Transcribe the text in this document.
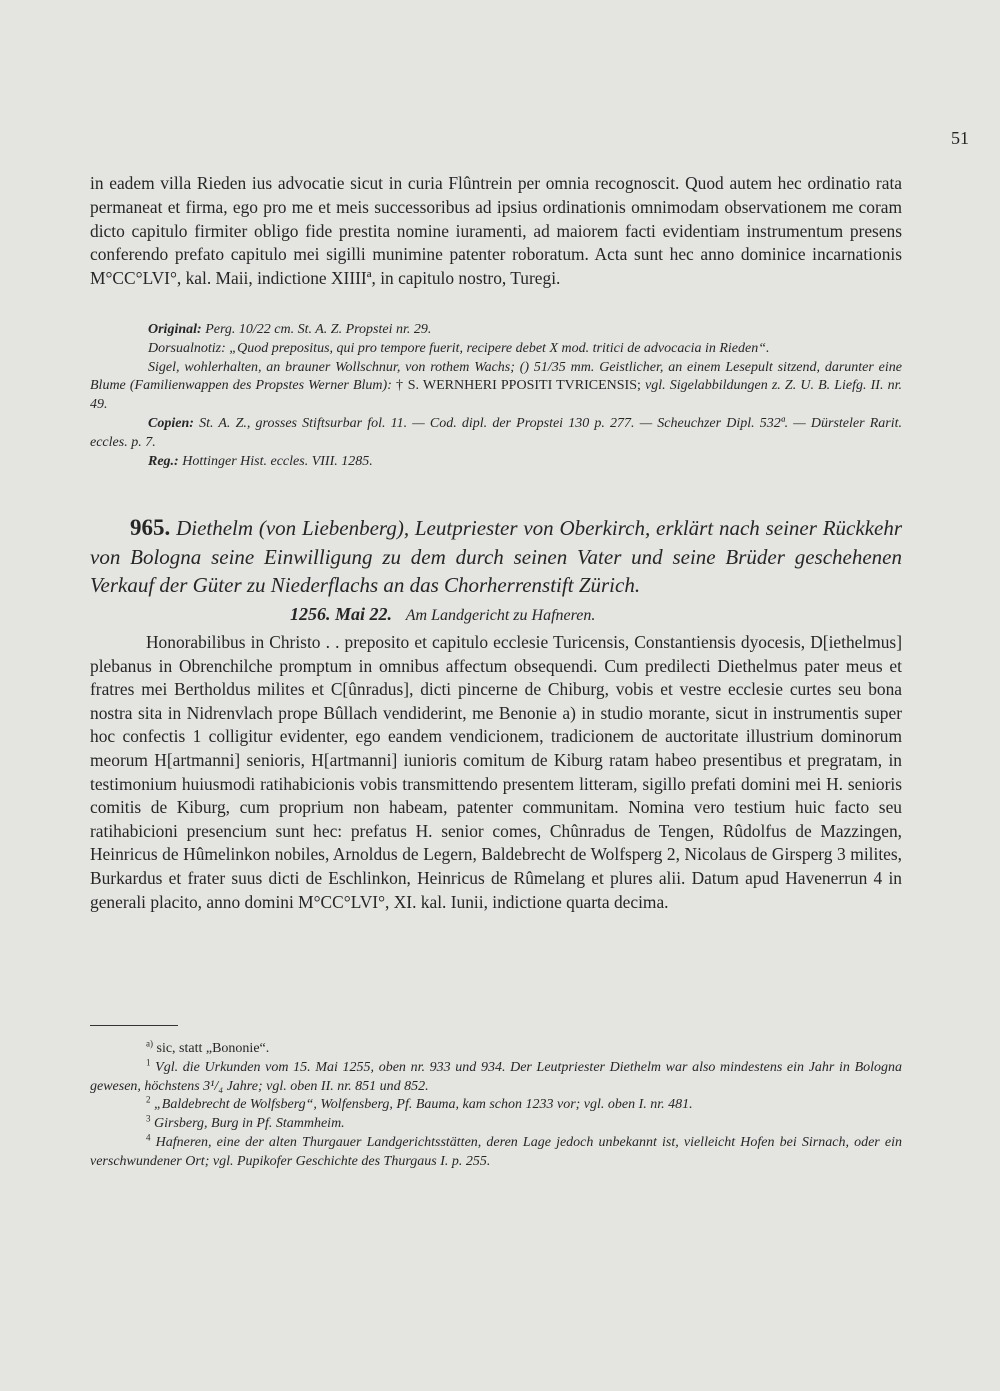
51
in eadem villa Rieden ius advocatie sicut in curia Flûntrein per omnia recognoscit. Quod autem hec ordinatio rata permaneat et firma, ego pro me et meis successoribus ad ipsius ordinationis omnimodam observationem me coram dicto capitulo firmiter obligo fide prestita nomine iuramenti, ad maiorem facti evidentiam instrumentum presens conferendo prefato capitulo mei sigilli munimine patenter roboratum. Acta sunt hec anno dominice incarnationis M°CC°LVI°, kal. Maii, indictione XIIIIª, in capitulo nostro, Turegi.

Original: Perg. 10/22 cm. St. A. Z. Propstei nr. 29.

Dorsualnotiz: „Quod prepositus, qui pro tempore fuerit, recipere debet X mod. tritici de advocacia in Rieden“.

Sigel, wohlerhalten, an brauner Wollschnur, von rothem Wachs; () 51/35 mm. Geistlicher, an einem Lesepult sitzend, darunter eine Blume (Familienwappen des Propstes Werner Blum): † S. WERNHERI PPOSITI TVRICENSIS; vgl. Sigelabbildungen z. Z. U. B. Liefg. II. nr. 49.

Copien: St. A. Z., grosses Stiftsurbar fol. 11. — Cod. dipl. der Propstei 130 p. 277. — Scheuchzer Dipl. 532ª. — Dürsteler Rarit. eccles. p. 7.

Reg.: Hottinger Hist. eccles. VIII. 1285.

965. Diethelm (von Liebenberg), Leutpriester von Oberkirch, erklärt nach seiner Rückkehr von Bologna seine Einwilligung zu dem durch seinen Vater und seine Brüder geschehenen Verkauf der Güter zu Niederflachs an das Chorherrenstift Zürich.
1256. Mai 22. Am Landgericht zu Hafneren.

Honorabilibus in Christo . . preposito et capitulo ecclesie Turicensis, Constantiensis dyocesis, D[iethelmus] plebanus in Obrenchilche promptum in omnibus affectum obsequendi. Cum predilecti Diethelmus pater meus et fratres mei Bertholdus milites et C[ûnradus], dicti pincerne de Chiburg, vobis et vestre ecclesie curtes seu bona nostra sita in Nidrenvlach prope Bûllach vendiderint, me Benonie a) in studio morante, sicut in instrumentis super hoc confectis 1 colligitur evidenter, ego eandem vendicionem, tradicionem de auctoritate illustrium dominorum meorum H[artmanni] senioris, H[artmanni] iunioris comitum de Kiburg ratam habeo presentibus et pregratam, in testimonium huiusmodi ratihabicionis vobis transmittendo presentem litteram, sigillo prefati domini mei H. senioris comitis de Kiburg, cum proprium non habeam, patenter communitam. Nomina vero testium huic facto seu ratihabicioni presencium sunt hec: prefatus H. senior comes, Chûnradus de Tengen, Rûdolfus de Mazzingen, Heinricus de Hûmelinkon nobiles, Arnoldus de Legern, Baldebrecht de Wolfsperg 2, Nicolaus de Girsperg 3 milites, Burkardus et frater suus dicti de Eschlinkon, Heinricus de Rûmelang et plures alii. Datum apud Havenerrun 4 in generali placito, anno domini M°CC°LVI°, XI. kal. Iunii, indictione quarta decima.

$^{a)}$ sic, statt „Bononie“.

$^1$ Vgl. die Urkunden vom 15. Mai 1255, oben nr. 933 und 934. Der Leutpriester Diethelm war also mindestens ein Jahr in Bologna gewesen, höchstens 3¹/₄ Jahre; vgl. oben II. nr. 851 und 852.

$^2$ „Baldebrecht de Wolfsberg“, Wolfensberg, Pf. Bauma, kam schon 1233 vor; vgl. oben I. nr. 481.

$^3$ Girsberg, Burg in Pf. Stammheim.

$^4$ Hafneren, eine der alten Thurgauer Landgerichtsstätten, deren Lage jedoch unbekannt ist, vielleicht Hofen bei Sirnach, oder ein verschwundener Ort; vgl. Pupikofer Geschichte des Thurgaus I. p. 255.
